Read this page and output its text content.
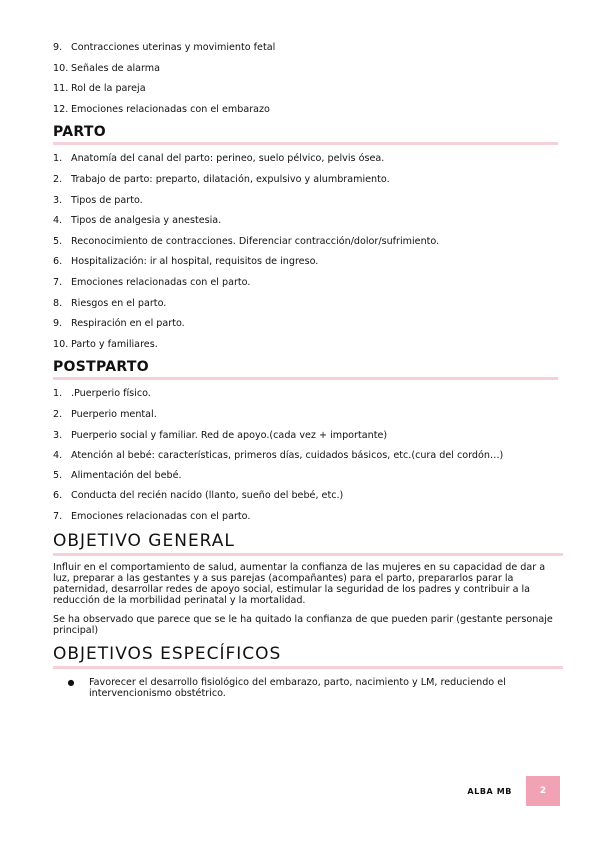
9. Contracciones uterinas y movimiento fetal
10. Señales de alarma
11. Rol de la pareja
12. Emociones relacionadas con el embarazo
PARTO
1. Anatomía del canal del parto: perineo, suelo pélvico, pelvis ósea.
2. Trabajo de parto: preparto, dilatación, expulsivo y alumbramiento.
3. Tipos de parto.
4. Tipos de analgesia y anestesia.
5. Reconocimiento de contracciones. Diferenciar contracción/dolor/sufrimiento.
6. Hospitalización: ir al hospital, requisitos de ingreso.
7. Emociones relacionadas con el parto.
8. Riesgos en el parto.
9. Respiración en el parto.
10. Parto y familiares.
POSTPARTO
1. .Puerperio físico.
2. Puerperio mental.
3. Puerperio social y familiar. Red de apoyo.(cada vez + importante)
4. Atención al bebé: características, primeros días, cuidados básicos, etc.(cura del cordón…)
5. Alimentación del bebé.
6. Conducta del recién nacido (llanto, sueño del bebé, etc.)
7. Emociones relacionadas con el parto.
OBJETIVO GENERAL

Influir en el comportamiento de salud, aumentar la confianza de las mujeres en su capacidad de dar a luz, preparar a las gestantes y a sus parejas (acompañantes) para el parto, prepararlos parar la paternidad, desarrollar redes de apoyo social, estimular la seguridad de los padres y contribuir a la reducción de la morbilidad perinatal y la mortalidad.

Se ha observado que parece que se le ha quitado la confianza de que pueden parir (gestante personaje principal)

OBJETIVOS ESPECÍFICOS
●	Favorecer el desarrollo fisiológico del embarazo, parto, nacimiento y LM, reduciendo el intervencionismo obstétrico.
ALBA MB	2
